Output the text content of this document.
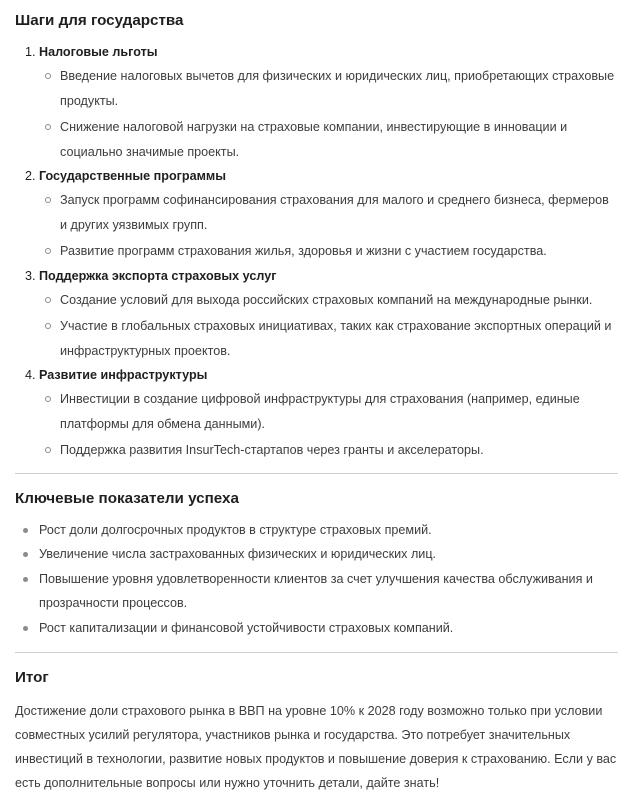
Шаги для государства
1. Налоговые льготы
Введение налоговых вычетов для физических и юридических лиц, приобретающих страховые продукты.
Снижение налоговой нагрузки на страховые компании, инвестирующие в инновации и социально значимые проекты.
2. Государственные программы
Запуск программ софинансирования страхования для малого и среднего бизнеса, фермеров и других уязвимых групп.
Развитие программ страхования жилья, здоровья и жизни с участием государства.
3. Поддержка экспорта страховых услуг
Создание условий для выхода российских страховых компаний на международные рынки.
Участие в глобальных страховых инициативах, таких как страхование экспортных операций и инфраструктурных проектов.
4. Развитие инфраструктуры
Инвестиции в создание цифровой инфраструктуры для страхования (например, единые платформы для обмена данными).
Поддержка развития InsurTech-стартапов через гранты и акселераторы.
Ключевые показатели успеха
Рост доли долгосрочных продуктов в структуре страховых премий.
Увеличение числа застрахованных физических и юридических лиц.
Повышение уровня удовлетворенности клиентов за счет улучшения качества обслуживания и прозрачности процессов.
Рост капитализации и финансовой устойчивости страховых компаний.
Итог

Достижение доли страхового рынка в ВВП на уровне 10% к 2028 году возможно только при условии совместных усилий регулятора, участников рынка и государства. Это потребует значительных инвестиций в технологии, развитие новых продуктов и повышение доверия к страхованию. Если у вас есть дополнительные вопросы или нужно уточнить детали, дайте знать!
